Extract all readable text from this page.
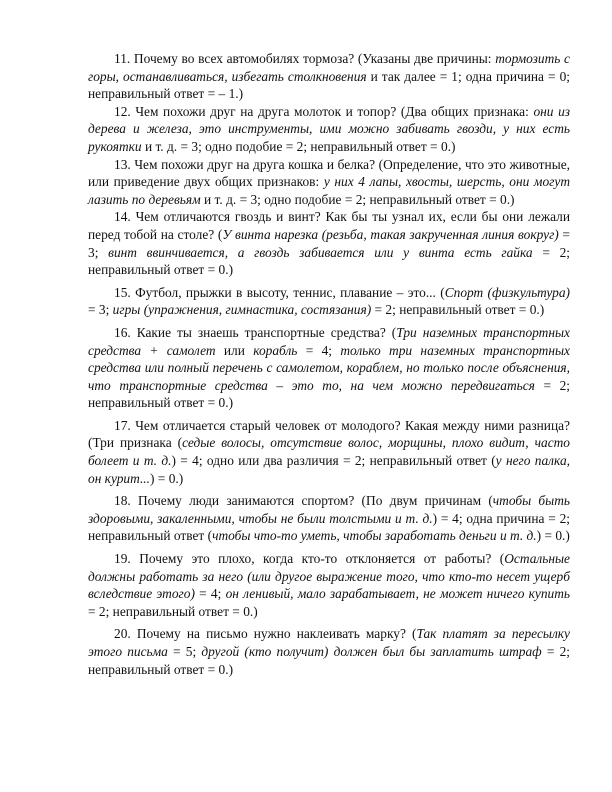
11. Почему во всех автомобилях тормоза? (Указаны две причины: тормозить с горы, останавливаться, избегать столкновения и так далее = 1; одна причина = 0; неправильный ответ = – 1.)

12. Чем похожи друг на друга молоток и топор? (Два общих признака: они из дерева и железа, это инструменты, ими можно забивать гвозди, у них есть рукоятки и т. д. = 3; одно подобие = 2; неправильный ответ = 0.)

13. Чем похожи друг на друга кошка и белка? (Определение, что это животные, или приведение двух общих признаков: у них 4 лапы, хвосты, шерсть, они могут лазить по деревьям и т. д. = 3; одно подобие = 2; неправильный ответ = 0.)

14. Чем отличаются гвоздь и винт? Как бы ты узнал их, если бы они лежали перед тобой на столе? (У винта нарезка (резьба, такая закрученная линия вокруг) = 3; винт ввинчивается, а гвоздь забивается или у винта есть гайка = 2; неправильный ответ = 0.)

15. Футбол, прыжки в высоту, теннис, плавание – это... (Спорт (физкультура) = 3; игры (упражнения, гимнастика, состязания) = 2; неправильный ответ = 0.)

16. Какие ты знаешь транспортные средства? (Три наземных транспортных средства + самолет или корабль = 4; только три наземных транспортных средства или полный перечень с самолетом, кораблем, но только после объяснения, что транспортные средства – это то, на чем можно передвигаться = 2; неправильный ответ = 0.)

17. Чем отличается старый человек от молодого? Какая между ними разница? (Три признака (седые волосы, отсутствие волос, морщины, плохо видит, часто болеет и т. д.) = 4; одно или два различия = 2; неправильный ответ (у него палка, он курит...) = 0.)

18. Почему люди занимаются спортом? (По двум причинам (чтобы быть здоровыми, закаленными, чтобы не были толстыми и т. д.) = 4; одна причина = 2; неправильный ответ (чтобы что-то уметь, чтобы заработать деньги и т. д.) = 0.)

19. Почему это плохо, когда кто-то отклоняется от работы? (Остальные должны работать за него (или другое выражение того, что кто-то несет ущерб вследствие этого) = 4; он ленивый, мало зарабатывает, не может ничего купить = 2; неправильный ответ = 0.)

20. Почему на письмо нужно наклеивать марку? (Так платят за пересылку этого письма = 5; другой (кто получит) должен был бы заплатить штраф = 2; неправильный ответ = 0.)
